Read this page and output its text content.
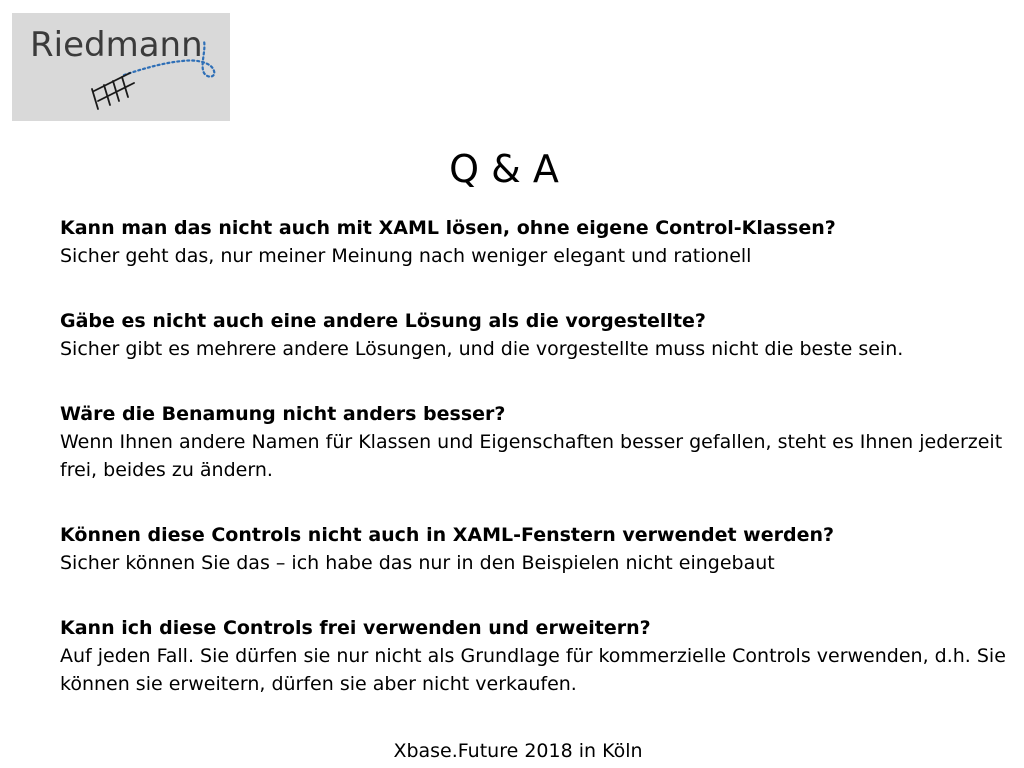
Riedmann
Q & A
Kann man das nicht auch mit XAML lösen, ohne eigene Control-Klassen?
Sicher geht das, nur meiner Meinung nach weniger elegant und rationell
Gäbe es nicht auch eine andere Lösung als die vorgestellte?
Sicher gibt es mehrere andere Lösungen, und die vorgestellte muss nicht die beste sein.
Wäre die Benamung nicht anders besser?
Wenn Ihnen andere Namen für Klassen und Eigenschaften besser gefallen, steht es Ihnen jederzeit frei, beides zu ändern.
Können diese Controls nicht auch in XAML-Fenstern verwendet werden?
Sicher können Sie das – ich habe das nur in den Beispielen nicht eingebaut
Kann ich diese Controls frei verwenden und erweitern?
Auf jeden Fall. Sie dürfen sie nur nicht als Grundlage für kommerzielle Controls verwenden, d.h. Sie können sie erweitern, dürfen sie aber nicht verkaufen.
Xbase.Future 2018 in Köln
